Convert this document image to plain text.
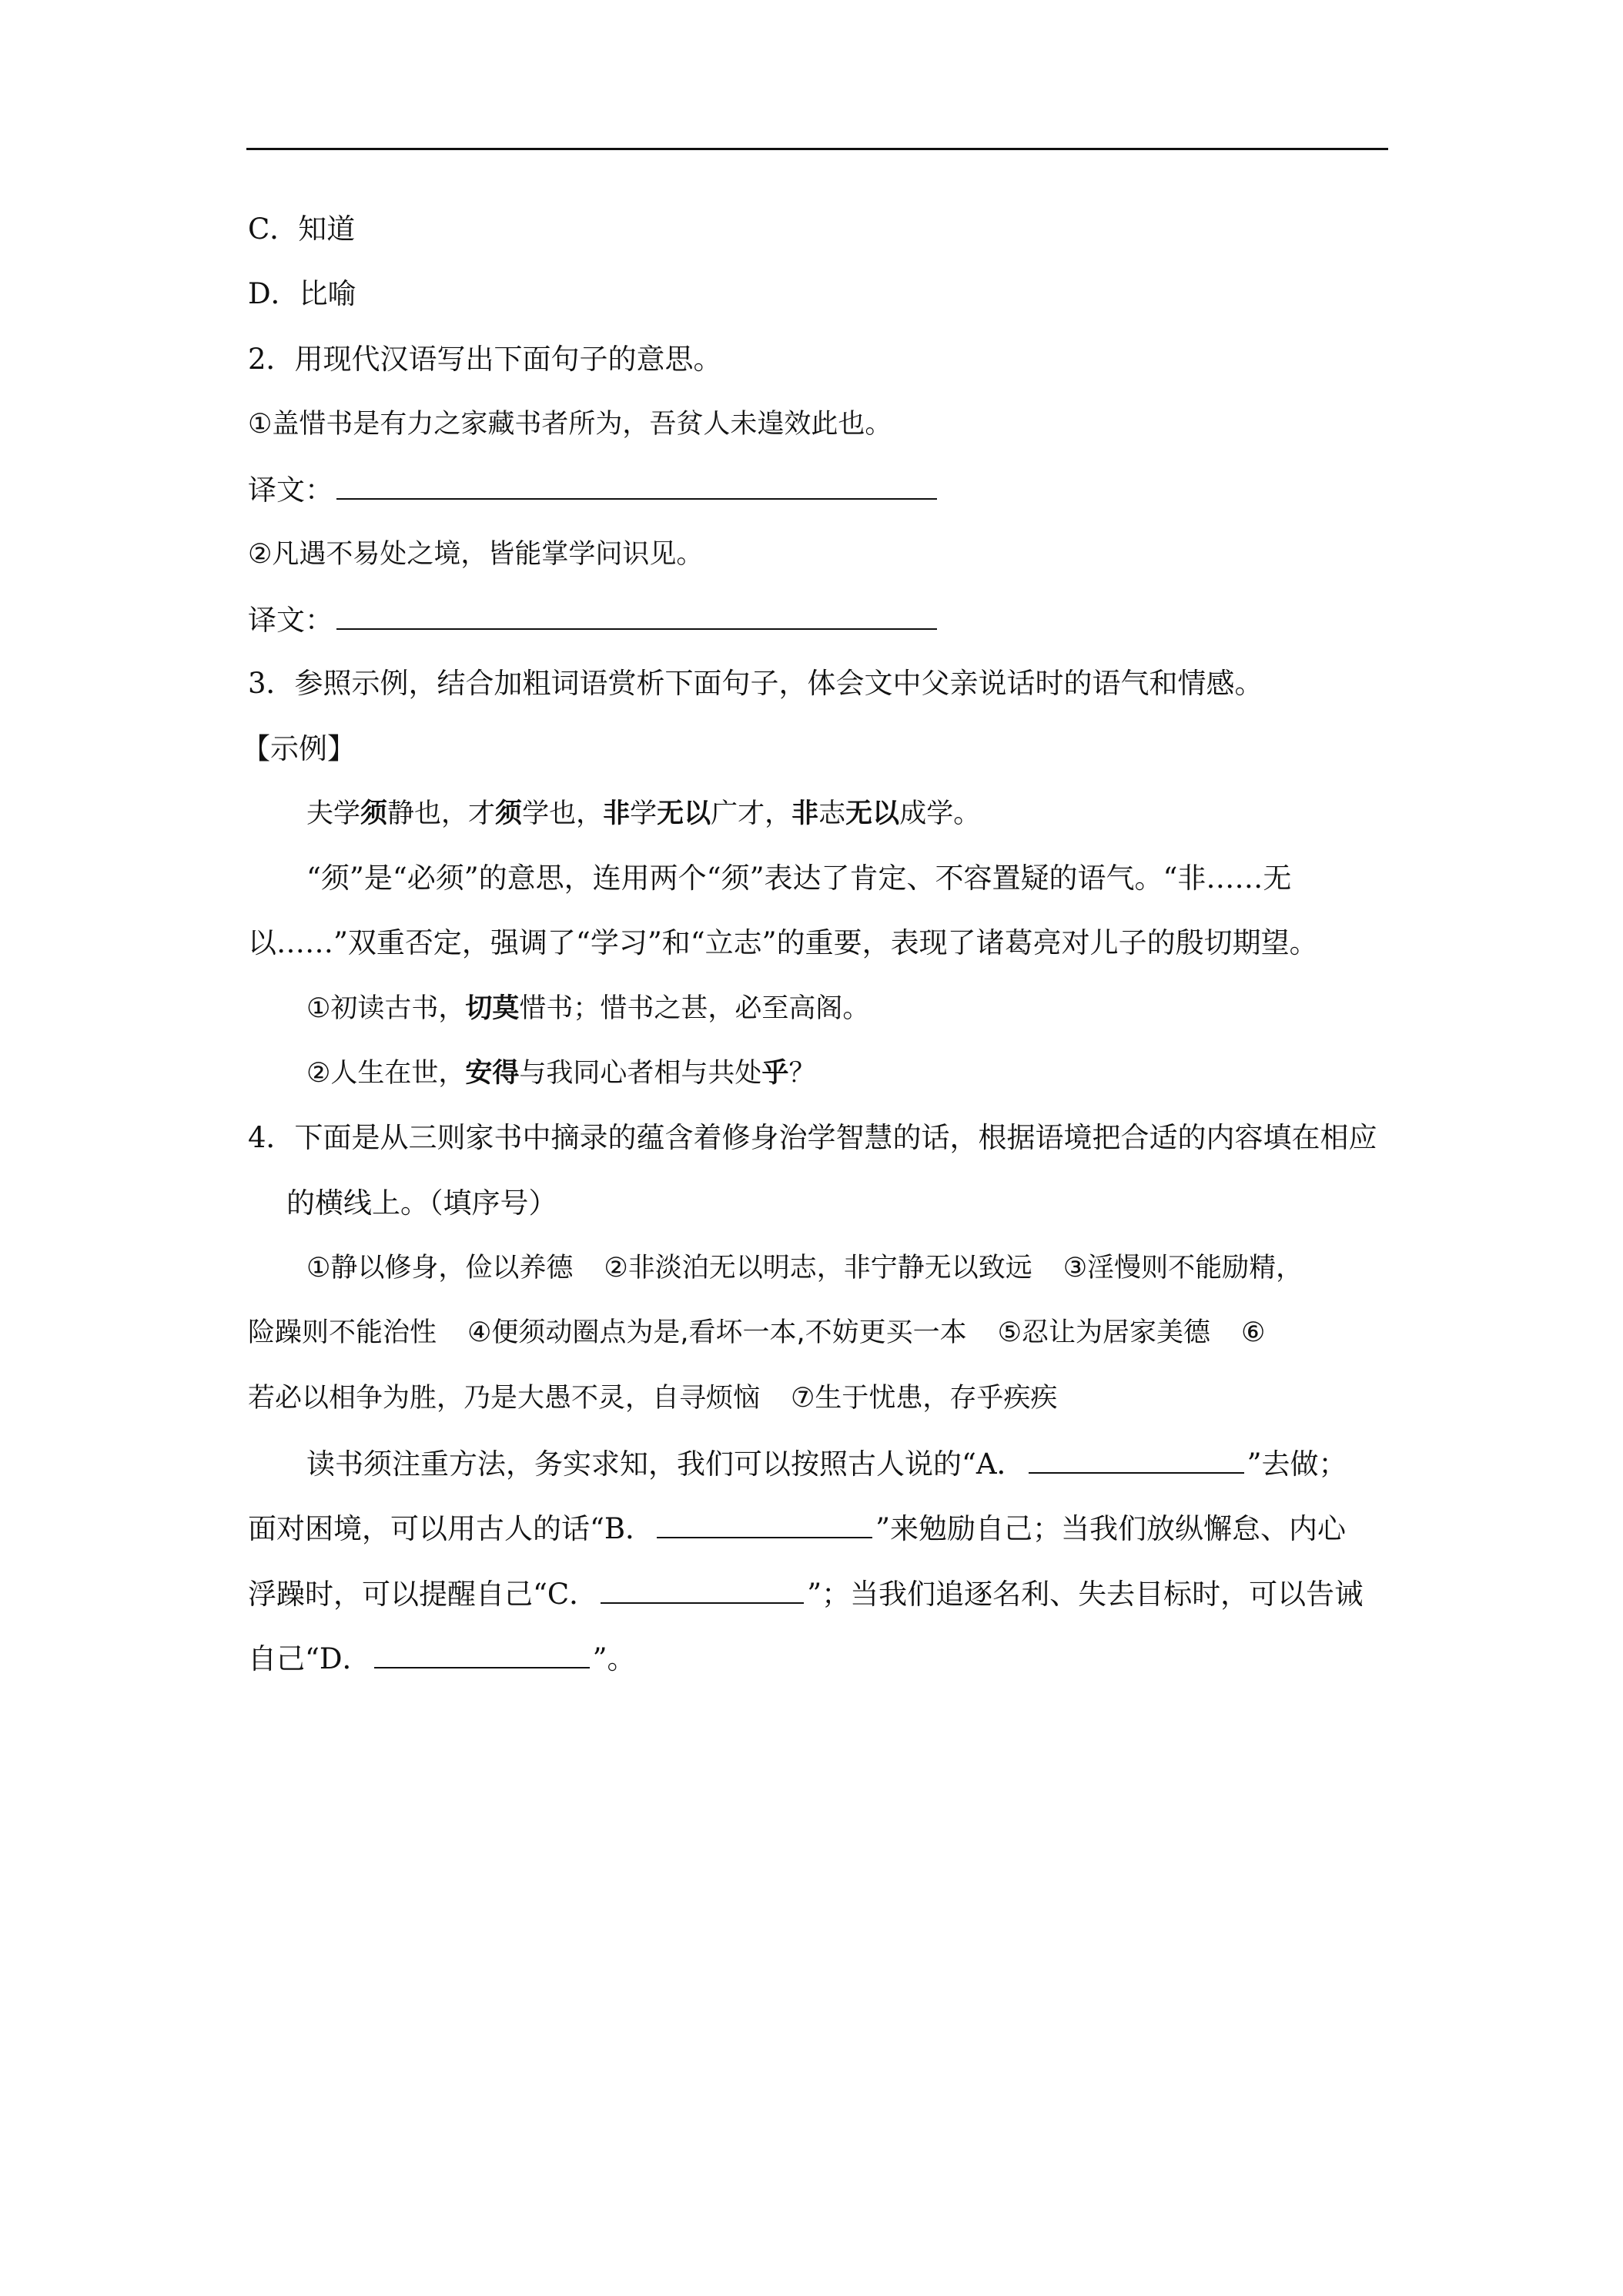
C．知道

D．比喻

2．用现代汉语写出下面句子的意思。

①盖惜书是有力之家藏书者所为，吾贫人未遑效此也。

译文：

②凡遇不易处之境，皆能掌学问识见。

译文：

3．参照示例，结合加粗词语赏析下面句子，体会文中父亲说话时的语气和情感。

【示例】

夫学须静也，才须学也，非学无以广才，非志无以成学。

“须”是“必须”的意思，连用两个“须”表达了肯定、不容置疑的语气。“非……无

以……”双重否定，强调了“学习”和“立志”的重要，表现了诸葛亮对儿子的殷切期望。

①初读古书，切莫惜书；惜书之甚，必至高阁。

②人生在世，安得与我同心者相与共处乎？

4．下面是从三则家书中摘录的蕴含着修身治学智慧的话，根据语境把合适的内容填在相应

的横线上。（填序号）

①静以修身，俭以养德 ②非淡泊无以明志，非宁静无以致远 ③淫慢则不能励精，

险躁则不能治性 ④便须动圈点为是,看坏一本,不妨更买一本 ⑤忍让为居家美德 ⑥

若必以相争为胜，乃是大愚不灵，自寻烦恼 ⑦生于忧患，存乎疾疾

读书须注重方法，务实求知，我们可以按照古人说的“A．	”去做；

面对困境，可以用古人的话“B．	”来勉励自己；当我们放纵懈怠、内心

浮躁时，可以提醒自己“C．	”；当我们追逐名利、失去目标时，可以告诫

自己“D．	”。
